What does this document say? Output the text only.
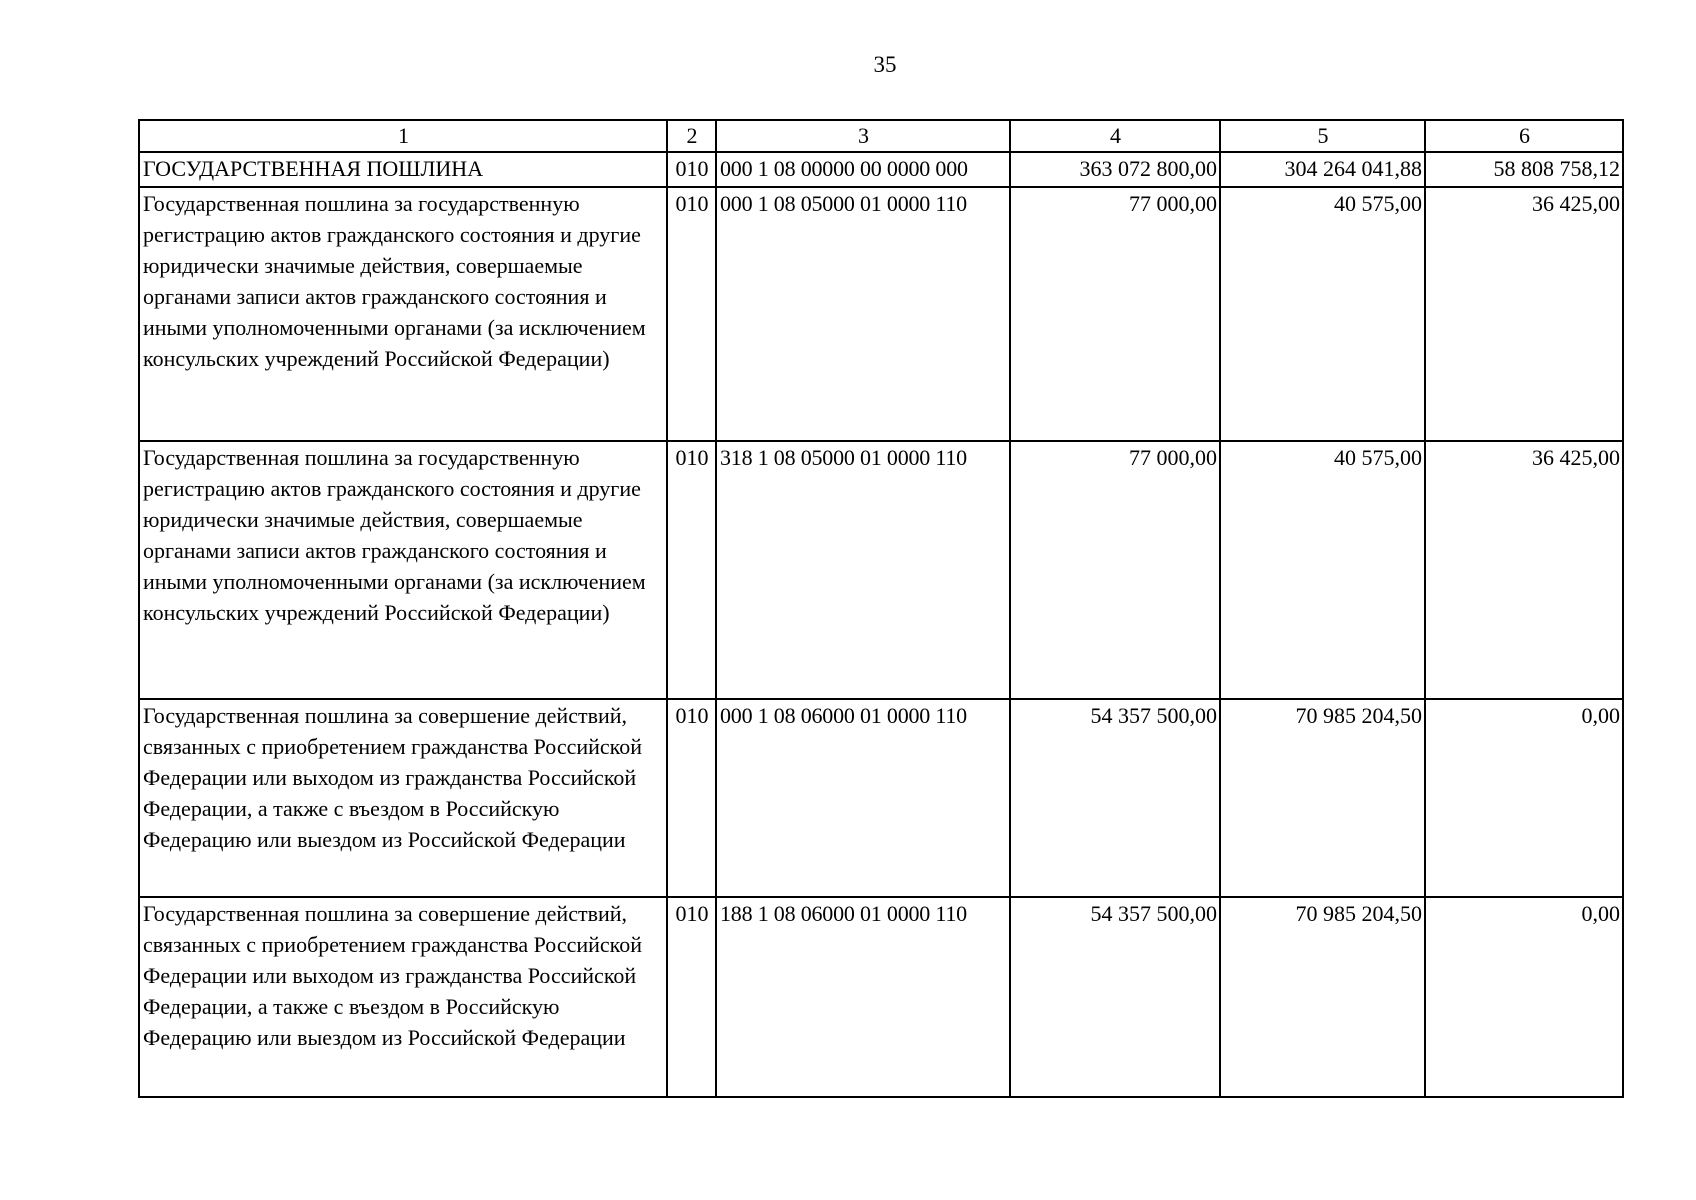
35
1	2	3	4	5	6
ГОСУДАРСТВЕННАЯ ПОШЛИНА	010	000 1 08 00000 00 0000 000	363 072 800,00	304 264 041,88	58 808 758,12
Государственная пошлина за государственную регистрацию актов гражданского состояния и другие юридически значимые действия, совершаемые органами записи актов гражданского состояния и иными уполномоченными органами (за исключением консульских учреждений Российской Федерации)	010	000 1 08 05000 01 0000 110	77 000,00	40 575,00	36 425,00
Государственная пошлина за государственную регистрацию актов гражданского состояния и другие юридически значимые действия, совершаемые органами записи актов гражданского состояния и иными уполномоченными органами (за исключением консульских учреждений Российской Федерации)	010	318 1 08 05000 01 0000 110	77 000,00	40 575,00	36 425,00
Государственная пошлина за совершение действий, связанных с приобретением гражданства Российской Федерации или выходом из гражданства Российской Федерации, а также с въездом в Российскую Федерацию или выездом из Российской Федерации	010	000 1 08 06000 01 0000 110	54 357 500,00	70 985 204,50	0,00
Государственная пошлина за совершение действий, связанных с приобретением гражданства Российской Федерации или выходом из гражданства Российской Федерации, а также с въездом в Российскую Федерацию или выездом из Российской Федерации	010	188 1 08 06000 01 0000 110	54 357 500,00	70 985 204,50	0,00
